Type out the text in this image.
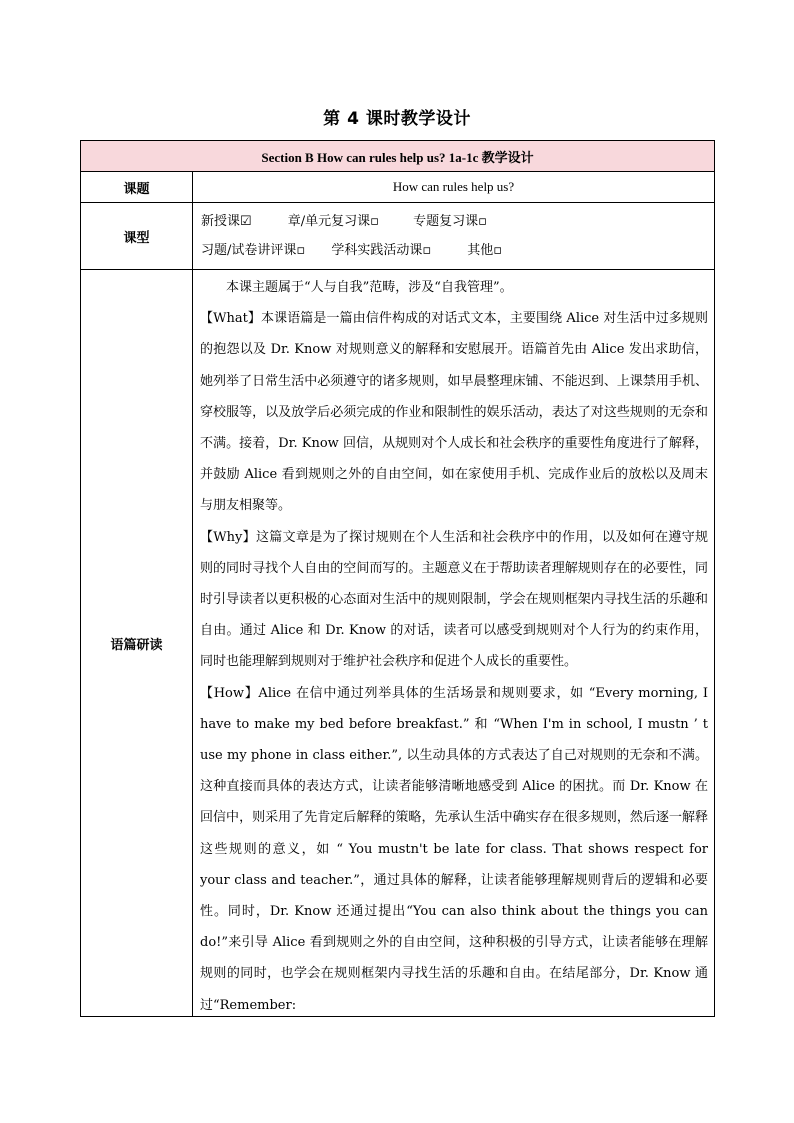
第 4 课时教学设计
Section B How can rules help us? 1a-1c 教学设计	
课题	How can rules help us?
课型	新授课☑ 章/单元复习课▫ 专题复习课▫
习题/试卷讲评课▫ 学科实践活动课▫ 其他▫

语篇研读	本课主题属于“人与自我”范畴，涉及“自我管理”。

【What】本课语篇是一篇由信件构成的对话式文本，主要围绕 Alice 对生活中过多规则的抱怨以及 Dr. Know 对规则意义的解释和安慰展开。语篇首先由 Alice 发出求助信，她列举了日常生活中必须遵守的诸多规则，如早晨整理床铺、不能迟到、上课禁用手机、穿校服等，以及放学后必须完成的作业和限制性的娱乐活动，表达了对这些规则的无奈和不满。接着，Dr. Know 回信，从规则对个人成长和社会秩序的重要性角度进行了解释，并鼓励 Alice 看到规则之外的自由空间，如在家使用手机、完成作业后的放松以及周末与朋友相聚等。

【Why】这篇文章是为了探讨规则在个人生活和社会秩序中的作用，以及如何在遵守规则的同时寻找个人自由的空间而写的。主题意义在于帮助读者理解规则存在的必要性，同时引导读者以更积极的心态面对生活中的规则限制，学会在规则框架内寻找生活的乐趣和自由。通过 Alice 和 Dr. Know 的对话，读者可以感受到规则对个人行为的约束作用，同时也能理解到规则对于维护社会秩序和促进个人成长的重要性。

【How】Alice 在信中通过列举具体的生活场景和规则要求，如 “Every morning, I have to make my bed before breakfast.” 和 “When I'm in school, I mustn ’ t use my phone in class either.”, 以生动具体的方式表达了自己对规则的无奈和不满。这种直接而具体的表达方式，让读者能够清晰地感受到 Alice 的困扰。而 Dr. Know 在回信中，则采用了先肯定后解释的策略，先承认生活中确实存在很多规则，然后逐一解释这些规则的意义，如 “ You mustn't be late for class. That shows respect for your class and teacher.”，通过具体的解释，让读者能够理解规则背后的逻辑和必要性。同时，Dr. Know 还通过提出“You can also think about the things you can do!”来引导 Alice 看到规则之外的自由空间，这种积极的引导方式，让读者能够在理解规则的同时，也学会在规则框架内寻找生活的乐趣和自由。在结尾部分，Dr. Know 通过“Remember:
